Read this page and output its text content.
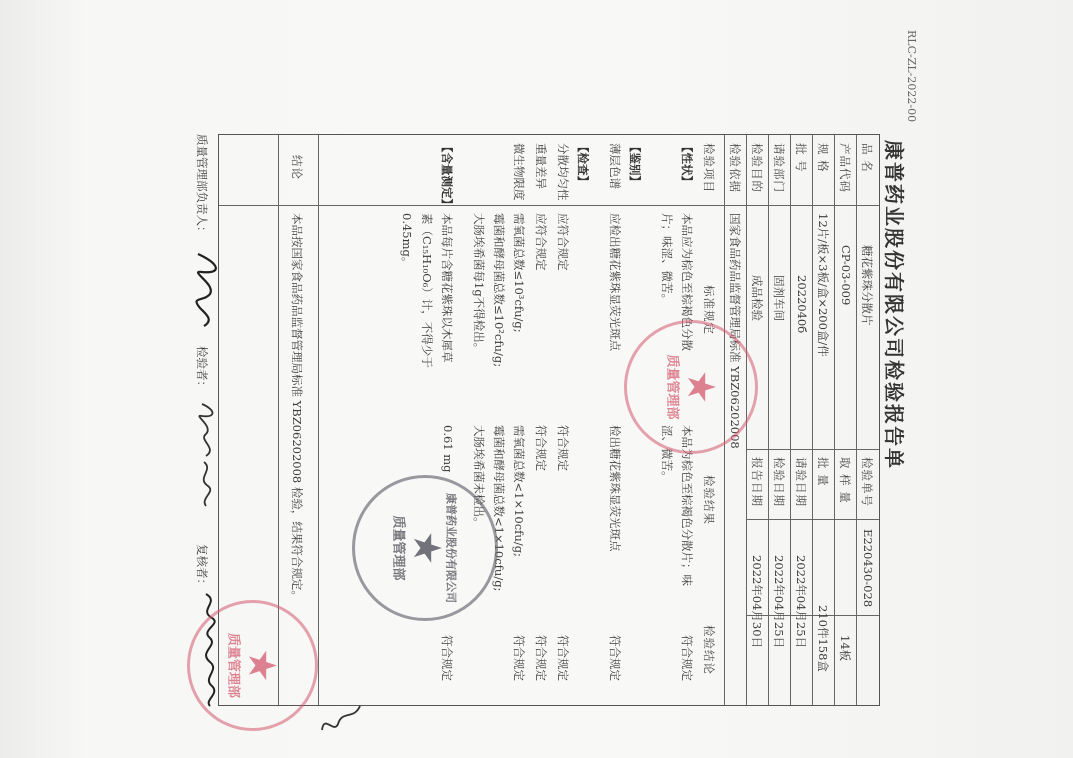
RLC-ZL-2022-00
康普药业股份有限公司检验报告单
品 名
糖花紫珠分散片
检验单号
E220430-028
产品代码
CP-03-009
取 样 量
14板
规 格
12片/板×3板/盒×200盒/件
批 量
210件158盒
批 号
2022040б
请验日期
2022年04月25日
请验部门
固剂车间
检验日期
2022年04月25日
检验目的
成品检验
报告日期
2022年04月30日
检验依据
国家食品药品监督管理局标准 YBZ06202008
检验项目
标准规定
检验结果
检验结论
【性状】
本品应为棕色至棕褐色分散
片；味涩、微苦。
本品为棕色至棕褐色分散片；味
涩、微苦。
符合规定
【鉴别】
薄层色谱
应检出糖花紫珠显荧光斑点
检出糖花紫珠显荧光斑点
符合规定
【检查】
分散均匀性
应符合规定
符合规定
符合规定
重量差异
应符合规定
符合规定
符合规定
微生物限度
需氧菌总数≤10³cfu/g;
霉菌和酵母菌总数≤10²cfu/g;
大肠埃希菌每1g不得检出。
需氧菌总数<1×10cfu/g;
霉菌和酵母菌总数<1×10cfu/g;
大肠埃希菌未检出。
符合规定
【含量测定】
本品每片含糖花紫珠以木犀草
素（C₁₅H₁₀O₆）计，不得少于
0.45mg。
0.61 mg
符合规定
结论
本品按国家食品药品监督管理局标准 YBZ06202008 检验，结果符合规定。
质量管理部负责人：
检验者：
复核者：	康普药业股份有限公司
★
质量管理部
★
质量管理部
★
质量管理部
